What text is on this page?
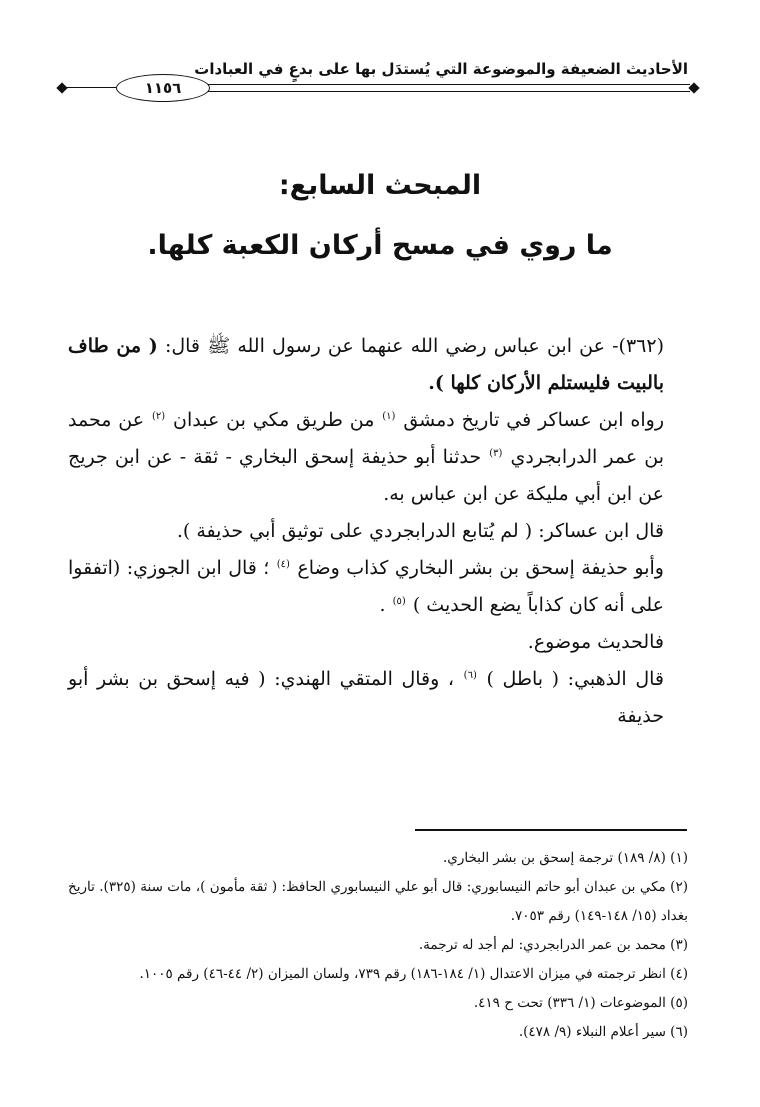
الأحاديث الضعيفة والموضوعة التي يُستدَل بها على بدعٍ في العبادات
١١٥٦
المبحث السابع:
ما روي في مسح أركان الكعبة كلها.

(٣٦٢)- عن ابن عباس رضي الله عنهما عن رسول الله ﷺ قال: ( من طاف بالبيت فليستلم الأركان كلها ).

رواه ابن عساكر في تاريخ دمشق $^{(١)}$ من طريق مكي بن عبدان $^{(٢)}$ عن محمد بن عمر الدرابجردي $^{(٣)}$ حدثنا أبو حذيفة إسحق البخاري - ثقة - عن ابن جريج عن ابن أبي مليكة عن ابن عباس به.

قال ابن عساكر: ( لم يُتابع الدرابجردي على توثيق أبي حذيفة ).

وأبو حذيفة إسحق بن بشر البخاري كذاب وضاع $^{(٤)}$ ؛ قال ابن الجوزي: (اتفقوا على أنه كان كذاباً يضع الحديث ) $^{(٥)}$ .

فالحديث موضوع.

قال الذهبي: ( باطل ) $^{(٦)}$ ، وقال المتقي الهندي: ( فيه إسحق بن بشر أبو حذيفة

(١) (٨/ ١٨٩) ترجمة إسحق بن بشر البخاري.

(٢) مكي بن عبدان أبو حاتم النيسابوري: قال أبو علي النيسابوري الحافظ: ( ثقة مأمون )، مات سنة (٣٢٥). تاريخ بغداد (١٥/ ١٤٨-١٤٩) رقم ٧٠٥٣.

(٣) محمد بن عمر الدرابجردي: لم أجد له ترجمة.

(٤) انظر ترجمته في ميزان الاعتدال (١/ ١٨٤-١٨٦) رقم ٧٣٩، ولسان الميزان (٢/ ٤٤-٤٦) رقم ١٠٠٥.

(٥) الموضوعات (١/ ٣٣٦) تحت ح ٤١٩.

(٦) سير أعلام النبلاء (٩/ ٤٧٨).
